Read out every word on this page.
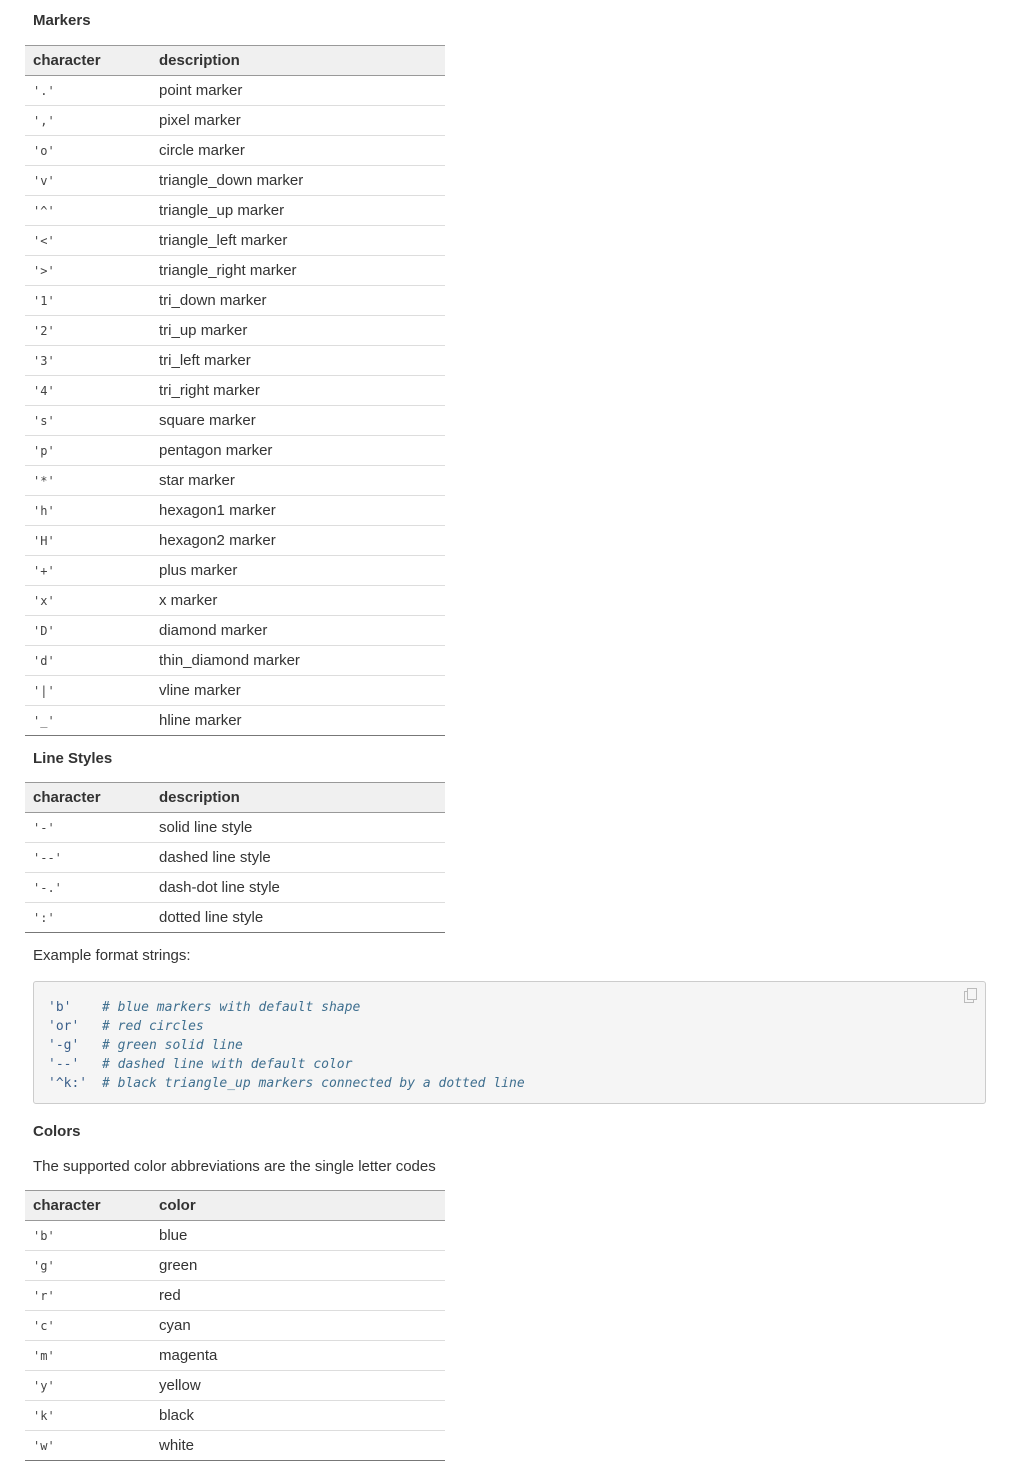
Markers
character	description
'.'	point marker
','	pixel marker
'o'	circle marker
'v'	triangle_down marker
'^'	triangle_up marker
'<'	triangle_left marker
'>'	triangle_right marker
'1'	tri_down marker
'2'	tri_up marker
'3'	tri_left marker
'4'	tri_right marker
's'	square marker
'p'	pentagon marker
'*'	star marker
'h'	hexagon1 marker
'H'	hexagon2 marker
'+'	plus marker
'x'	x marker
'D'	diamond marker
'd'	thin_diamond marker
'|'	vline marker
'_'	hline marker
Line Styles
character	description
'-'	solid line style
'--'	dashed line style
'-.'	dash-dot line style
':'	dotted line style
Example format strings:
'b' # blue markers with default shape
'or' # red circles
'-g' # green solid line
'--' # dashed line with default color
'^k:' # black triangle_up markers connected by a dotted line
Colors
The supported color abbreviations are the single letter codes
character	color
'b'	blue
'g'	green
'r'	red
'c'	cyan
'm'	magenta
'y'	yellow
'k'	black
'w'	white
